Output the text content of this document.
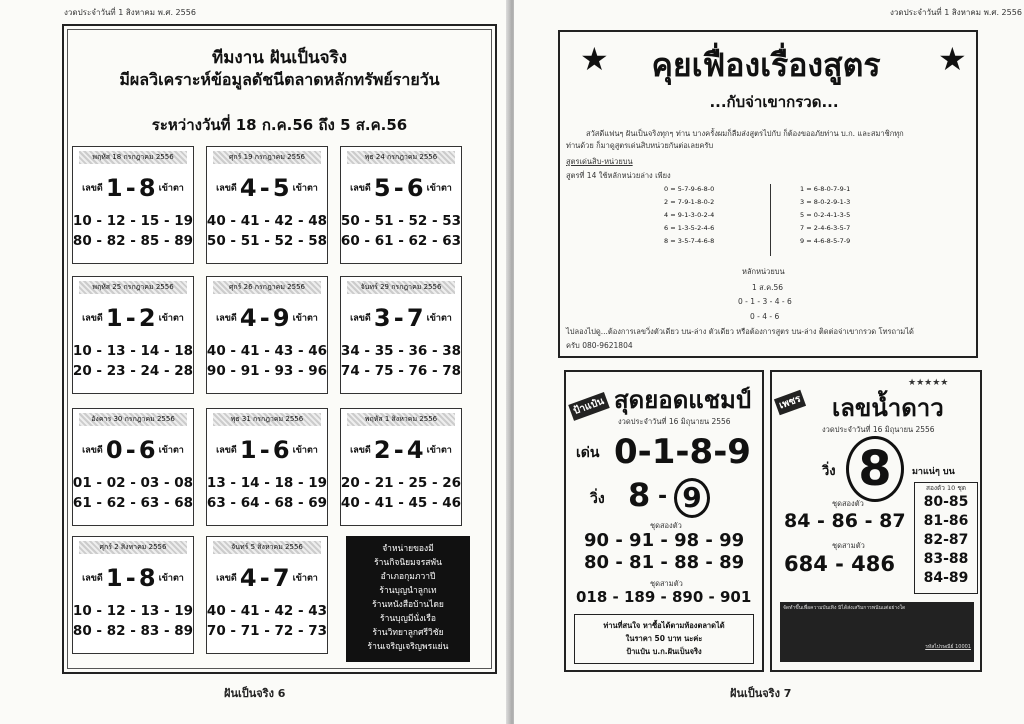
งวดประจำวันที่ 1 สิงหาคม พ.ศ. 2556
ทีมงาน ฝันเป็นจริง
มีผลวิเคราะห์ข้อมูลดัชนีตลาดหลักทรัพย์รายวัน
ระหว่างวันที่ 18 ก.ค.56 ถึง 5 ส.ค.56
พฤหัส 18 กรกฎาคม 2556
เลขดี 1 - 8 เข้าตา
10 - 12 - 15 - 19
80 - 82 - 85 - 89
ศุกร์ 19 กรกฎาคม 2556
เลขดี 4 - 5 เข้าตา
40 - 41 - 42 - 48
50 - 51 - 52 - 58
พุธ 24 กรกฎาคม 2556
เลขดี 5 - 6 เข้าตา
50 - 51 - 52 - 53
60 - 61 - 62 - 63
พฤหัส 25 กรกฎาคม 2556
เลขดี 1 - 2 เข้าตา
10 - 13 - 14 - 18
20 - 23 - 24 - 28
ศุกร์ 26 กรกฎาคม 2556
เลขดี 4 - 9 เข้าตา
40 - 41 - 43 - 46
90 - 91 - 93 - 96
จันทร์ 29 กรกฎาคม 2556
เลขดี 3 - 7 เข้าตา
34 - 35 - 36 - 38
74 - 75 - 76 - 78
อังคาร 30 กรกฎาคม 2556
เลขดี 0 - 6 เข้าตา
01 - 02 - 03 - 08
61 - 62 - 63 - 68
พุธ 31 กรกฎาคม 2556
เลขดี 1 - 6 เข้าตา
13 - 14 - 18 - 19
63 - 64 - 68 - 69
พฤหัส 1 สิงหาคม 2556
เลขดี 2 - 4 เข้าตา
20 - 21 - 25 - 26
40 - 41 - 45 - 46
ศุกร์ 2 สิงหาคม 2556
เลขดี 1 - 8 เข้าตา
10 - 12 - 13 - 19
80 - 82 - 83 - 89
จันทร์ 5 สิงหาคม 2556
เลขดี 4 - 7 เข้าตา
40 - 41 - 42 - 43
70 - 71 - 72 - 73
จำหน่ายของมี
ร้านกิจนิยมจรสพัน
อำเภอกุมภวาปี
ร้านบุญนำลูกเท
ร้านหนังสือบ้านไดย
ร้านบุญมีนั่งเรือ
ร้านวิทยาลูกศรีวิชัย
ร้านเจริญเจริญพรแย่น
ฝันเป็นจริง 6
งวดประจำวันที่ 1 สิงหาคม พ.ศ. 2556
★	★
คุยเฟื่องเรื่องสูตร
...กับจ่าเขากรวด...
สวัสดีแฟนๆ ฝันเป็นจริงทุกๆ ท่าน บางครั้งผมก็ลืมส่งสูตรไปกับ ก็ต้องขออภัยท่าน บ.ก. และสมาชิกทุก
ท่านด้วย ก็มาดูสูตรเด่นสิบหน่วยกันต่อเลยครับ
สูตรเด่นสิบ-หน่วยบน
สูตรที่ 14 ใช้หลักหน่วยล่าง เพียง
0 = 5-7-9-6-8-0
2 = 7-9-1-8-0-2
4 = 9-1-3-0-2-4
6 = 1-3-5-2-4-6
8 = 3-5-7-4-6-8
1 = 6-8-0-7-9-1
3 = 8-0-2-9-1-3
5 = 0-2-4-1-3-5
7 = 2-4-6-3-5-7
9 = 4-6-8-5-7-9
หลักหน่วยบน
1 ส.ค.56
0 - 1 - 3 - 4 - 6
0 - 4 - 6
ไปลองไปดู...ต้องการเลขวิ่งตัวเดียว บน-ล่าง ตัวเดียว หรือต้องการสูตร บน-ล่าง ติดต่อจ่าเขากรวด โทรถามได้
ครับ 080-9621804
ป้าแป๋น สุดยอดแชมป์
งวดประจำวันที่ 16 มิถุนายน 2556
เด่น 0-1-8-9
วิ่ง 8 - 9
ชุดสองตัว
90 - 91 - 98 - 99
80 - 81 - 88 - 89
ชุดสามตัว
018 - 189 - 890 - 901
ท่านที่สนใจ หาซื้อได้ตามท้องตลาดได้
ในราคา 50 บาท นะค่ะ
ป้าแป๋น บ.ก.ฝันเป็นจริง
เพชร
★★★★★
เลขน้ำดาว
งวดประจำวันที่ 16 มิถุนายน 2556
วิ่ง 8	มาแน่ๆ บน
ชุดสองตัว
84 - 86 - 87
ชุดสามตัว
684 - 486
สองตัว 10 ชุด
80-85
81-86
82-87
83-88
84-89
จัดทำขึ้นเพื่อความบันเทิง มิได้ส่งเสริมการพนันแต่อย่างใด
รหัสไปรษณีย์ 10001
ฝันเป็นจริง 7
